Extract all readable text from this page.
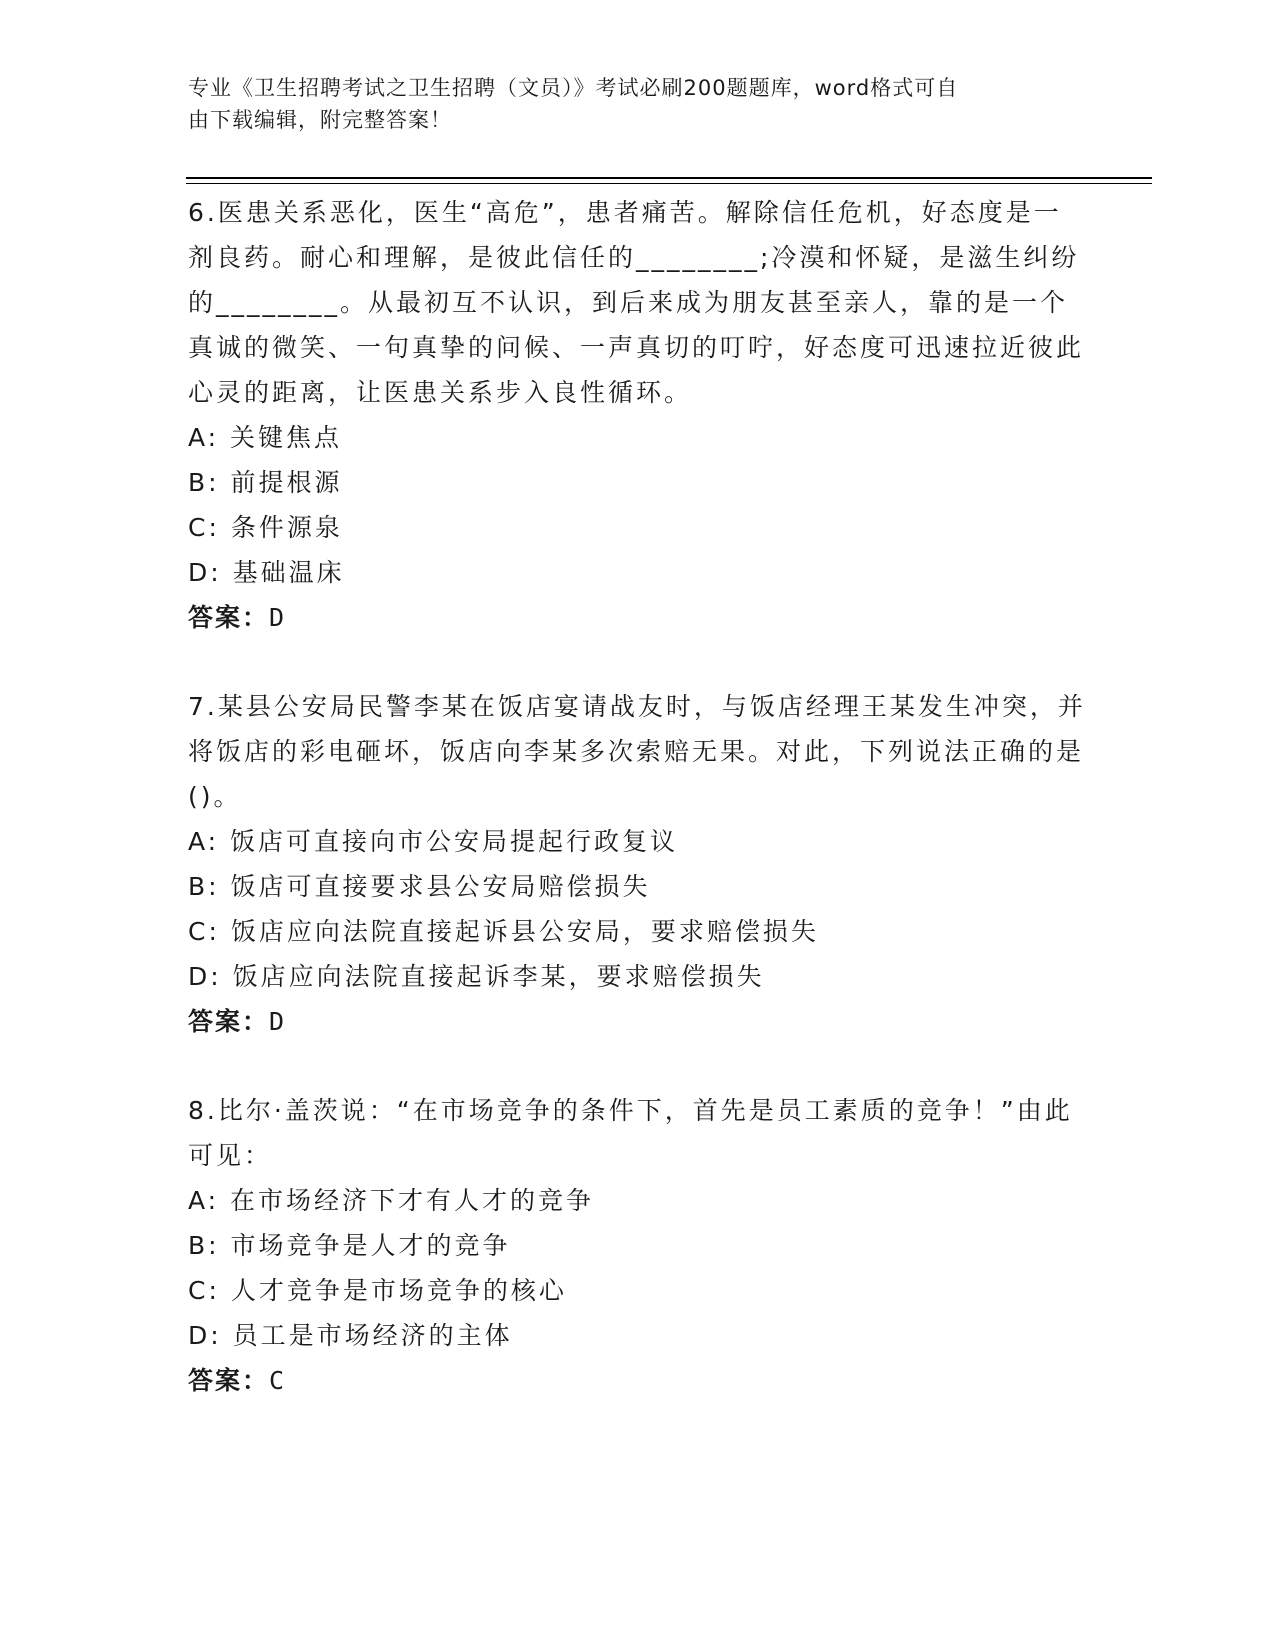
专业《卫生招聘考试之卫生招聘（文员）》考试必刷200题题库，word格式可自
由下载编辑，附完整答案！

6.医患关系恶化，医生“高危”，患者痛苦。解除信任危机，好态度是一剂良药。耐心和理解，是彼此信任的________;冷漠和怀疑，是滋生纠纷的________。从最初互不认识，到后来成为朋友甚至亲人，靠的是一个真诚的微笑、一句真挚的问候、一声真切的叮咛，好态度可迅速拉近彼此心灵的距离，让医患关系步入良性循环。

A: 关键焦点

B: 前提根源

C: 条件源泉

D: 基础温床

答案：D

7.某县公安局民警李某在饭店宴请战友时，与饭店经理王某发生冲突，并将饭店的彩电砸坏，饭店向李某多次索赔无果。对此，下列说法正确的是()。

A: 饭店可直接向市公安局提起行政复议

B: 饭店可直接要求县公安局赔偿损失

C: 饭店应向法院直接起诉县公安局，要求赔偿损失

D: 饭店应向法院直接起诉李某，要求赔偿损失

答案：D

8.比尔·盖茨说：“在市场竞争的条件下，首先是员工素质的竞争！”由此可见：

A: 在市场经济下才有人才的竞争

B: 市场竞争是人才的竞争

C: 人才竞争是市场竞争的核心

D: 员工是市场经济的主体

答案：C
